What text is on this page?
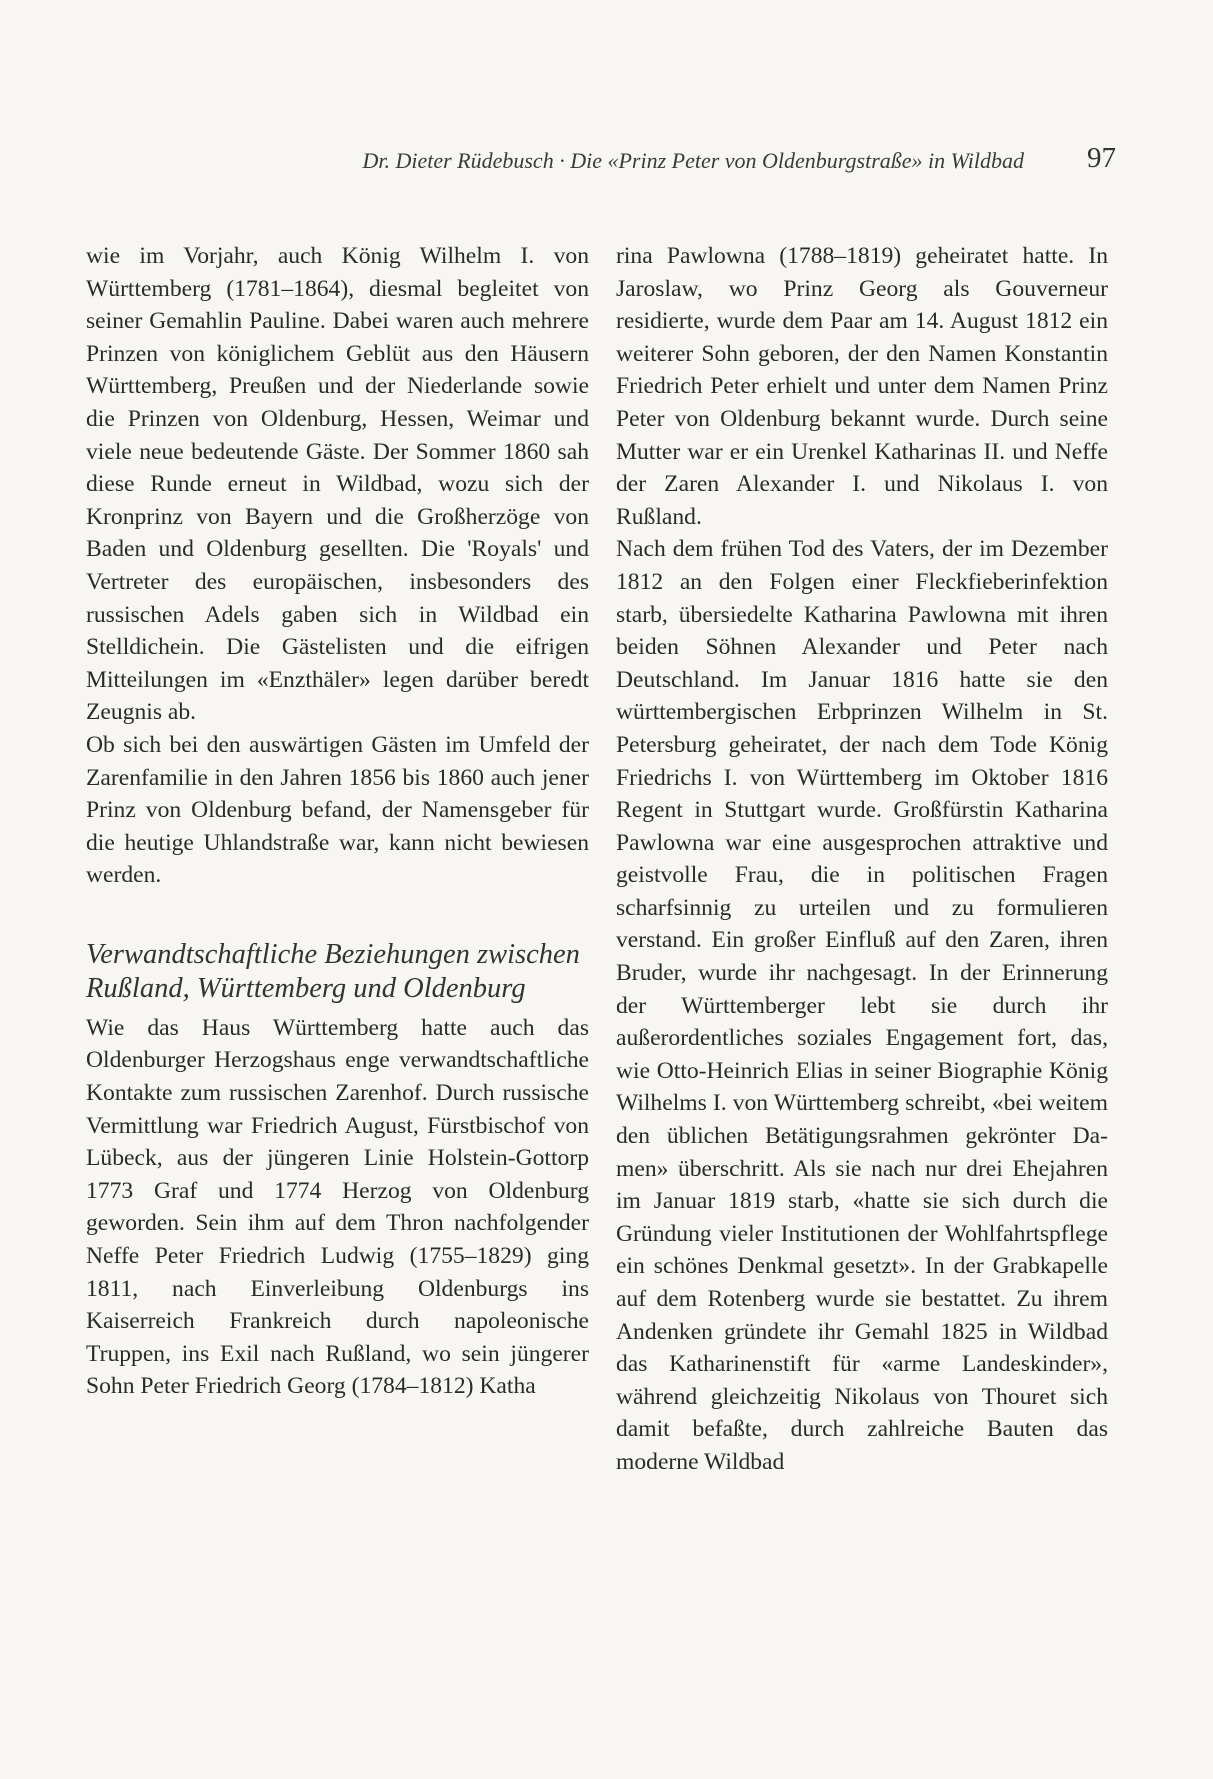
Dr. Dieter Rüdebusch · Die «Prinz Peter von Oldenburgstraße» in Wildbad 97

wie im Vorjahr, auch König Wilhelm I. von Württemberg (1781–1864), diesmal begleitet von seiner Gemahlin Pauline. Dabei waren auch mehrere Prinzen von königlichem Geblüt aus den Häusern Württemberg, Preußen und der Niederlande sowie die Prinzen von Oldenburg, Hessen, Weimar und viele neue bedeutende Gäste. Der Sommer 1860 sah diese Runde erneut in Wildbad, wozu sich der Kronprinz von Bayern und die Großherzöge von Baden und Oldenburg gesellten. Die 'Royals' und Vertreter des europäischen, insbesonders des russischen Adels gaben sich in Wildbad ein Stelldichein. Die Gästelisten und die eifrigen Mitteilungen im «Enzthäler» legen darüber beredt Zeugnis ab.

Ob sich bei den auswärtigen Gästen im Umfeld der Zarenfamilie in den Jahren 1856 bis 1860 auch jener Prinz von Oldenburg befand, der Namensgeber für die heutige Uhlandstraße war, kann nicht bewiesen werden.

Verwandtschaftliche Beziehungen zwischen Rußland, Württemberg und Oldenburg

Wie das Haus Württemberg hatte auch das Oldenburger Herzogshaus enge verwandtschaftliche Kontakte zum russischen Zarenhof. Durch russische Vermittlung war Friedrich August, Fürstbischof von Lübeck, aus der jüngeren Linie Holstein-Gottorp 1773 Graf und 1774 Herzog von Oldenburg geworden. Sein ihm auf dem Thron nachfolgender Neffe Peter Friedrich Ludwig (1755–1829) ging 1811, nach Einverleibung Oldenburgs ins Kaiserreich Frankreich durch napoleonische Truppen, ins Exil nach Rußland, wo sein jüngerer Sohn Peter Friedrich Georg (1784–1812) Katha

rina Pawlowna (1788–1819) geheiratet hatte. In Jaroslaw, wo Prinz Georg als Gouverneur residierte, wurde dem Paar am 14. August 1812 ein weiterer Sohn geboren, der den Namen Konstantin Friedrich Peter erhielt und unter dem Namen Prinz Peter von Oldenburg bekannt wurde. Durch seine Mutter war er ein Urenkel Katharinas II. und Neffe der Zaren Alexander I. und Nikolaus I. von Rußland.

Nach dem frühen Tod des Vaters, der im Dezember 1812 an den Folgen einer Fleckfieberinfektion starb, übersiedelte Katharina Pawlowna mit ihren beiden Söhnen Alexander und Peter nach Deutschland. Im Januar 1816 hatte sie den württembergischen Erbprinzen Wilhelm in St. Petersburg geheiratet, der nach dem Tode König Friedrichs I. von Württemberg im Oktober 1816 Regent in Stuttgart wurde. Großfürstin Katharina Pawlowna war eine ausgesprochen attraktive und geistvolle Frau, die in politischen Fragen scharfsinnig zu urteilen und zu formulieren verstand. Ein großer Einfluß auf den Zaren, ihren Bruder, wurde ihr nachgesagt. In der Erinnerung der Württemberger lebt sie durch ihr außerordentliches soziales Engagement fort, das, wie Otto-Heinrich Elias in seiner Biographie König Wilhelms I. von Württemberg schreibt, «bei weitem den üblichen Betätigungsrahmen gekrönter Damen» überschritt. Als sie nach nur drei Ehejahren im Januar 1819 starb, «hatte sie sich durch die Gründung vieler Institutionen der Wohlfahrtspflege ein schönes Denkmal gesetzt». In der Grabkapelle auf dem Rotenberg wurde sie bestattet. Zu ihrem Andenken gründete ihr Gemahl 1825 in Wildbad das Katharinenstift für «arme Landeskinder», während gleichzeitig Nikolaus von Thouret sich damit befaßte, durch zahlreiche Bauten das moderne Wildbad
